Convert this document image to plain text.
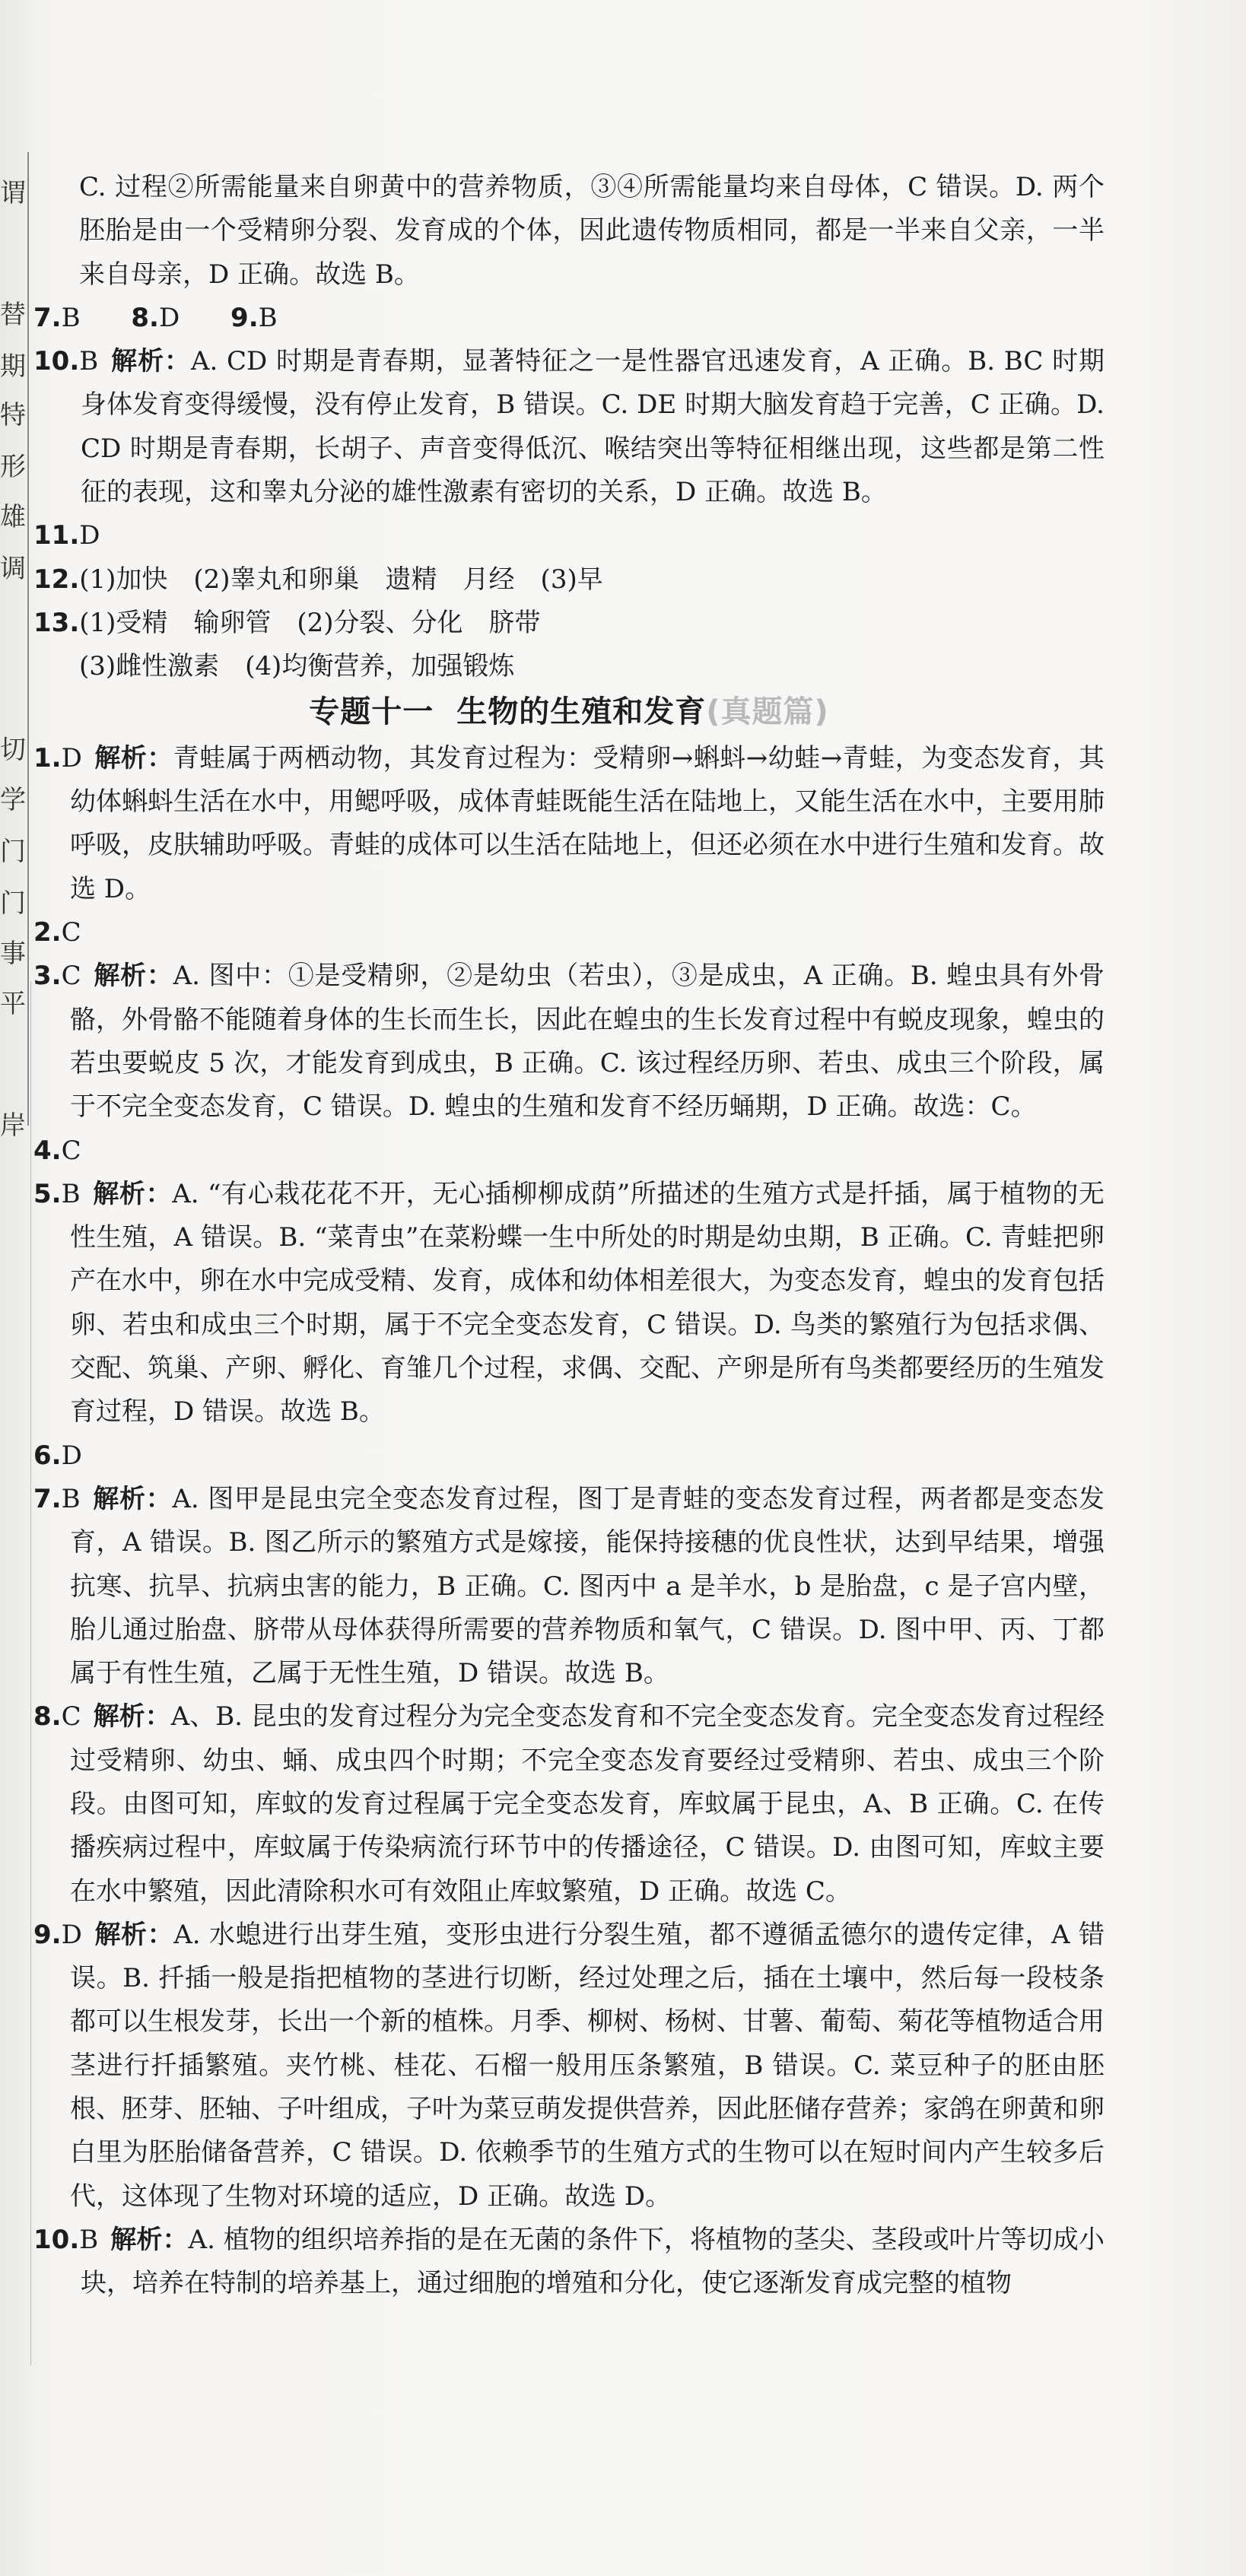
谓
替
期
特
形
雄
调
切
学
门
门
事
平
岸

C. 过程②所需能量来自卵黄中的营养物质，③④所需能量均来自母体，C 错误。D. 两个胚胎是由一个受精卵分裂、发育成的个体，因此遗传物质相同，都是一半来自父亲，一半来自母亲，D 正确。故选 B。

7.B 8.D 9.B
10.B 解析：A. CD 时期是青春期，显著特征之一是性器官迅速发育，A 正确。B. BC 时期身体发育变得缓慢，没有停止发育，B 错误。C. DE 时期大脑发育趋于完善，C 正确。D. CD 时期是青春期，长胡子、声音变得低沉、喉结突出等特征相继出现，这些都是第二性征的表现，这和睾丸分泌的雄性激素有密切的关系，D 正确。故选 B。
11.D
12.(1)加快　(2)睾丸和卵巢　遗精　月经　(3)早
13.(1)受精　输卵管　(2)分裂、分化　脐带

(3)雌性激素　(4)均衡营养，加强锻炼

专题十一 生物的生殖和发育(真题篇)
1.D 解析：青蛙属于两栖动物，其发育过程为：受精卵→蝌蚪→幼蛙→青蛙，为变态发育，其幼体蝌蚪生活在水中，用鳃呼吸，成体青蛙既能生活在陆地上，又能生活在水中，主要用肺呼吸，皮肤辅助呼吸。青蛙的成体可以生活在陆地上，但还必须在水中进行生殖和发育。故选 D。
2.C
3.C 解析：A. 图中：①是受精卵，②是幼虫（若虫），③是成虫，A 正确。B. 蝗虫具有外骨骼，外骨骼不能随着身体的生长而生长，因此在蝗虫的生长发育过程中有蜕皮现象，蝗虫的若虫要蜕皮 5 次，才能发育到成虫，B 正确。C. 该过程经历卵、若虫、成虫三个阶段，属于不完全变态发育，C 错误。D. 蝗虫的生殖和发育不经历蛹期，D 正确。故选：C。
4.C
5.B 解析：A. “有心栽花花不开，无心插柳柳成荫”所描述的生殖方式是扦插，属于植物的无性生殖，A 错误。B. “菜青虫”在菜粉蝶一生中所处的时期是幼虫期，B 正确。C. 青蛙把卵产在水中，卵在水中完成受精、发育，成体和幼体相差很大，为变态发育，蝗虫的发育包括卵、若虫和成虫三个时期，属于不完全变态发育，C 错误。D. 鸟类的繁殖行为包括求偶、交配、筑巢、产卵、孵化、育雏几个过程，求偶、交配、产卵是所有鸟类都要经历的生殖发育过程，D 错误。故选 B。
6.D
7.B 解析：A. 图甲是昆虫完全变态发育过程，图丁是青蛙的变态发育过程，两者都是变态发育，A 错误。B. 图乙所示的繁殖方式是嫁接，能保持接穗的优良性状，达到早结果，增强抗寒、抗旱、抗病虫害的能力，B 正确。C. 图丙中 a 是羊水，b 是胎盘，c 是子宫内壁，胎儿通过胎盘、脐带从母体获得所需要的营养物质和氧气，C 错误。D. 图中甲、丙、丁都属于有性生殖，乙属于无性生殖，D 错误。故选 B。
8.C 解析：A、B. 昆虫的发育过程分为完全变态发育和不完全变态发育。完全变态发育过程经过受精卵、幼虫、蛹、成虫四个时期；不完全变态发育要经过受精卵、若虫、成虫三个阶段。由图可知，库蚊的发育过程属于完全变态发育，库蚊属于昆虫，A、B 正确。C. 在传播疾病过程中，库蚊属于传染病流行环节中的传播途径，C 错误。D. 由图可知，库蚊主要在水中繁殖，因此清除积水可有效阻止库蚊繁殖，D 正确。故选 C。
9.D 解析：A. 水螅进行出芽生殖，变形虫进行分裂生殖，都不遵循孟德尔的遗传定律，A 错误。B. 扦插一般是指把植物的茎进行切断，经过处理之后，插在土壤中，然后每一段枝条都可以生根发芽，长出一个新的植株。月季、柳树、杨树、甘薯、葡萄、菊花等植物适合用茎进行扦插繁殖。夹竹桃、桂花、石榴一般用压条繁殖，B 错误。C. 菜豆种子的胚由胚根、胚芽、胚轴、子叶组成，子叶为菜豆萌发提供营养，因此胚储存营养；家鸽在卵黄和卵白里为胚胎储备营养，C 错误。D. 依赖季节的生殖方式的生物可以在短时间内产生较多后代，这体现了生物对环境的适应，D 正确。故选 D。
10.B 解析：A. 植物的组织培养指的是在无菌的条件下，将植物的茎尖、茎段或叶片等切成小块，培养在特制的培养基上，通过细胞的增殖和分化，使它逐渐发育成完整的植物
